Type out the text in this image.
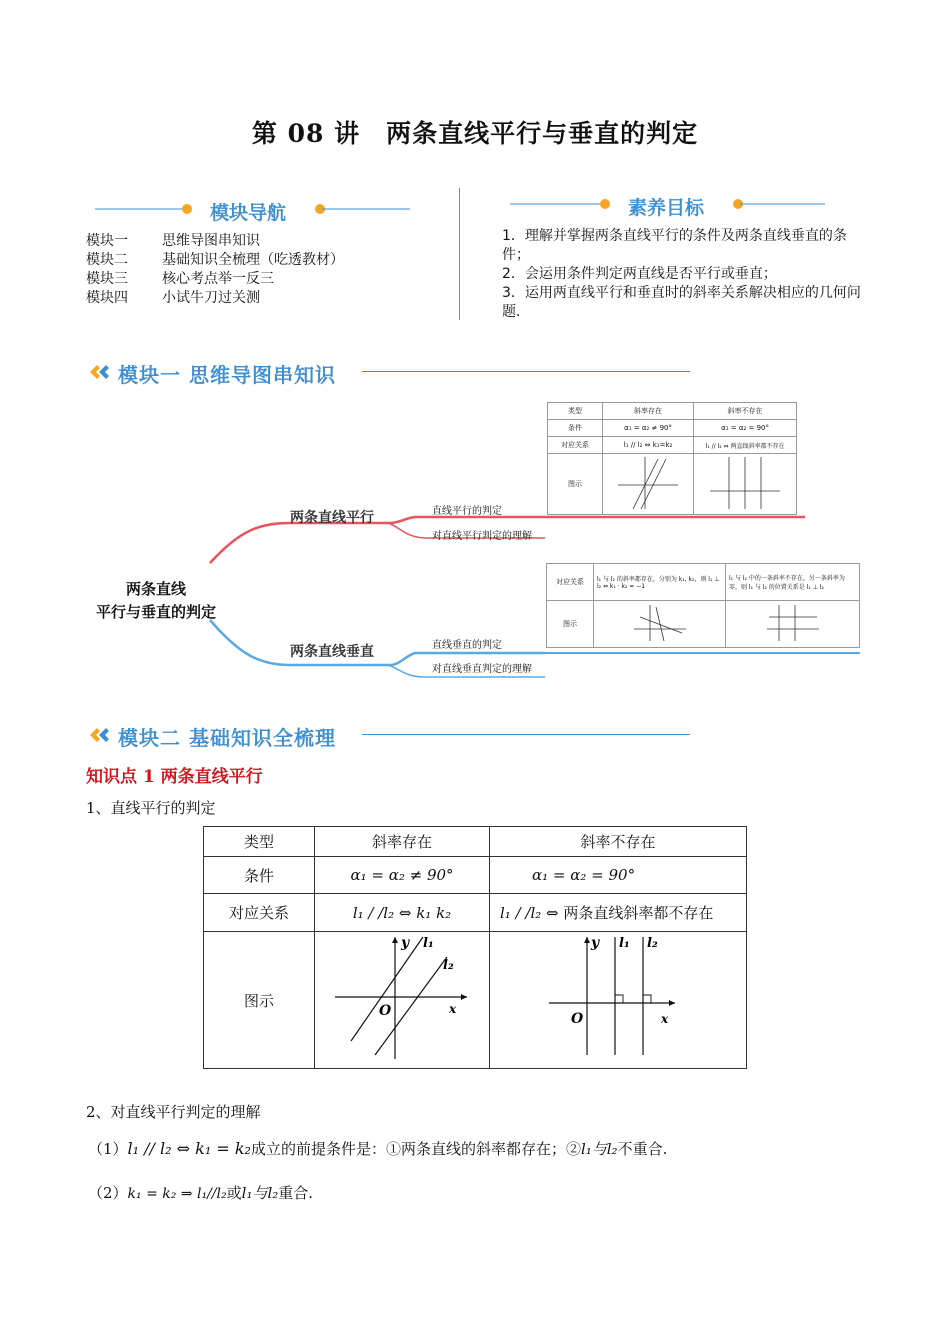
第 08 讲　两条直线平行与垂直的判定
模块导航
模块一 思维导图串知识
模块二 基础知识全梳理（吃透教材）
模块三 核心考点举一反三
模块四 小试牛刀过关测
素养目标
1．理解并掌握两条直线平行的条件及两条直线垂直的条件；
2．会运用条件判定两直线是否平行或垂直；
3．运用两直线平行和垂直时的斜率关系解决相应的几何问题.
模块一 思维导图串知识
两条直线
平行与垂直的判定
两条直线平行
两条直线垂直
直线平行的判定
对直线平行判定的理解
直线垂直的判定
对直线垂直判定的理解
类型	斜率存在	斜率不存在
条件	α₁ = α₂ ≠ 90°	α₁ = α₂ = 90°
对应关系	l₁ // l₂ ⇔ k₁=k₂	l₁ // l₂ ⇔ 两直线斜率都不存在
图示		
对应关系	l₁ 与 l₂ 的斜率都存在，分别为 k₁, k₂，则 l₁ ⊥ l₂ ⇔ k₁ · k₂ = −1	l₁ 与 l₂ 中的一条斜率不存在，另一条斜率为零，则 l₁ 与 l₂ 的位置关系是 l₁ ⊥ l₂
图示		
模块二 基础知识全梳理
知识点 1 两条直线平行
1、直线平行的判定
类型	斜率存在	斜率不存在
条件	α₁ = α₂ ≠ 90°	α₁ = α₂ = 90°
对应关系	l₁ / /l₂ ⇔ k₁ k₂	l₁ / /l₂ ⇔ 两条直线斜率都不存在
图示	y l₁
l₂
O x	y l₁ l₂
O x
2、对直线平行判定的理解
（1）l₁ // l₂ ⇔ k₁ = k₂成立的前提条件是：①两条直线的斜率都存在；②l₁与l₂不重合.
（2）k₁ = k₂ ⇒ l₁//l₂或l₁与l₂重合.
